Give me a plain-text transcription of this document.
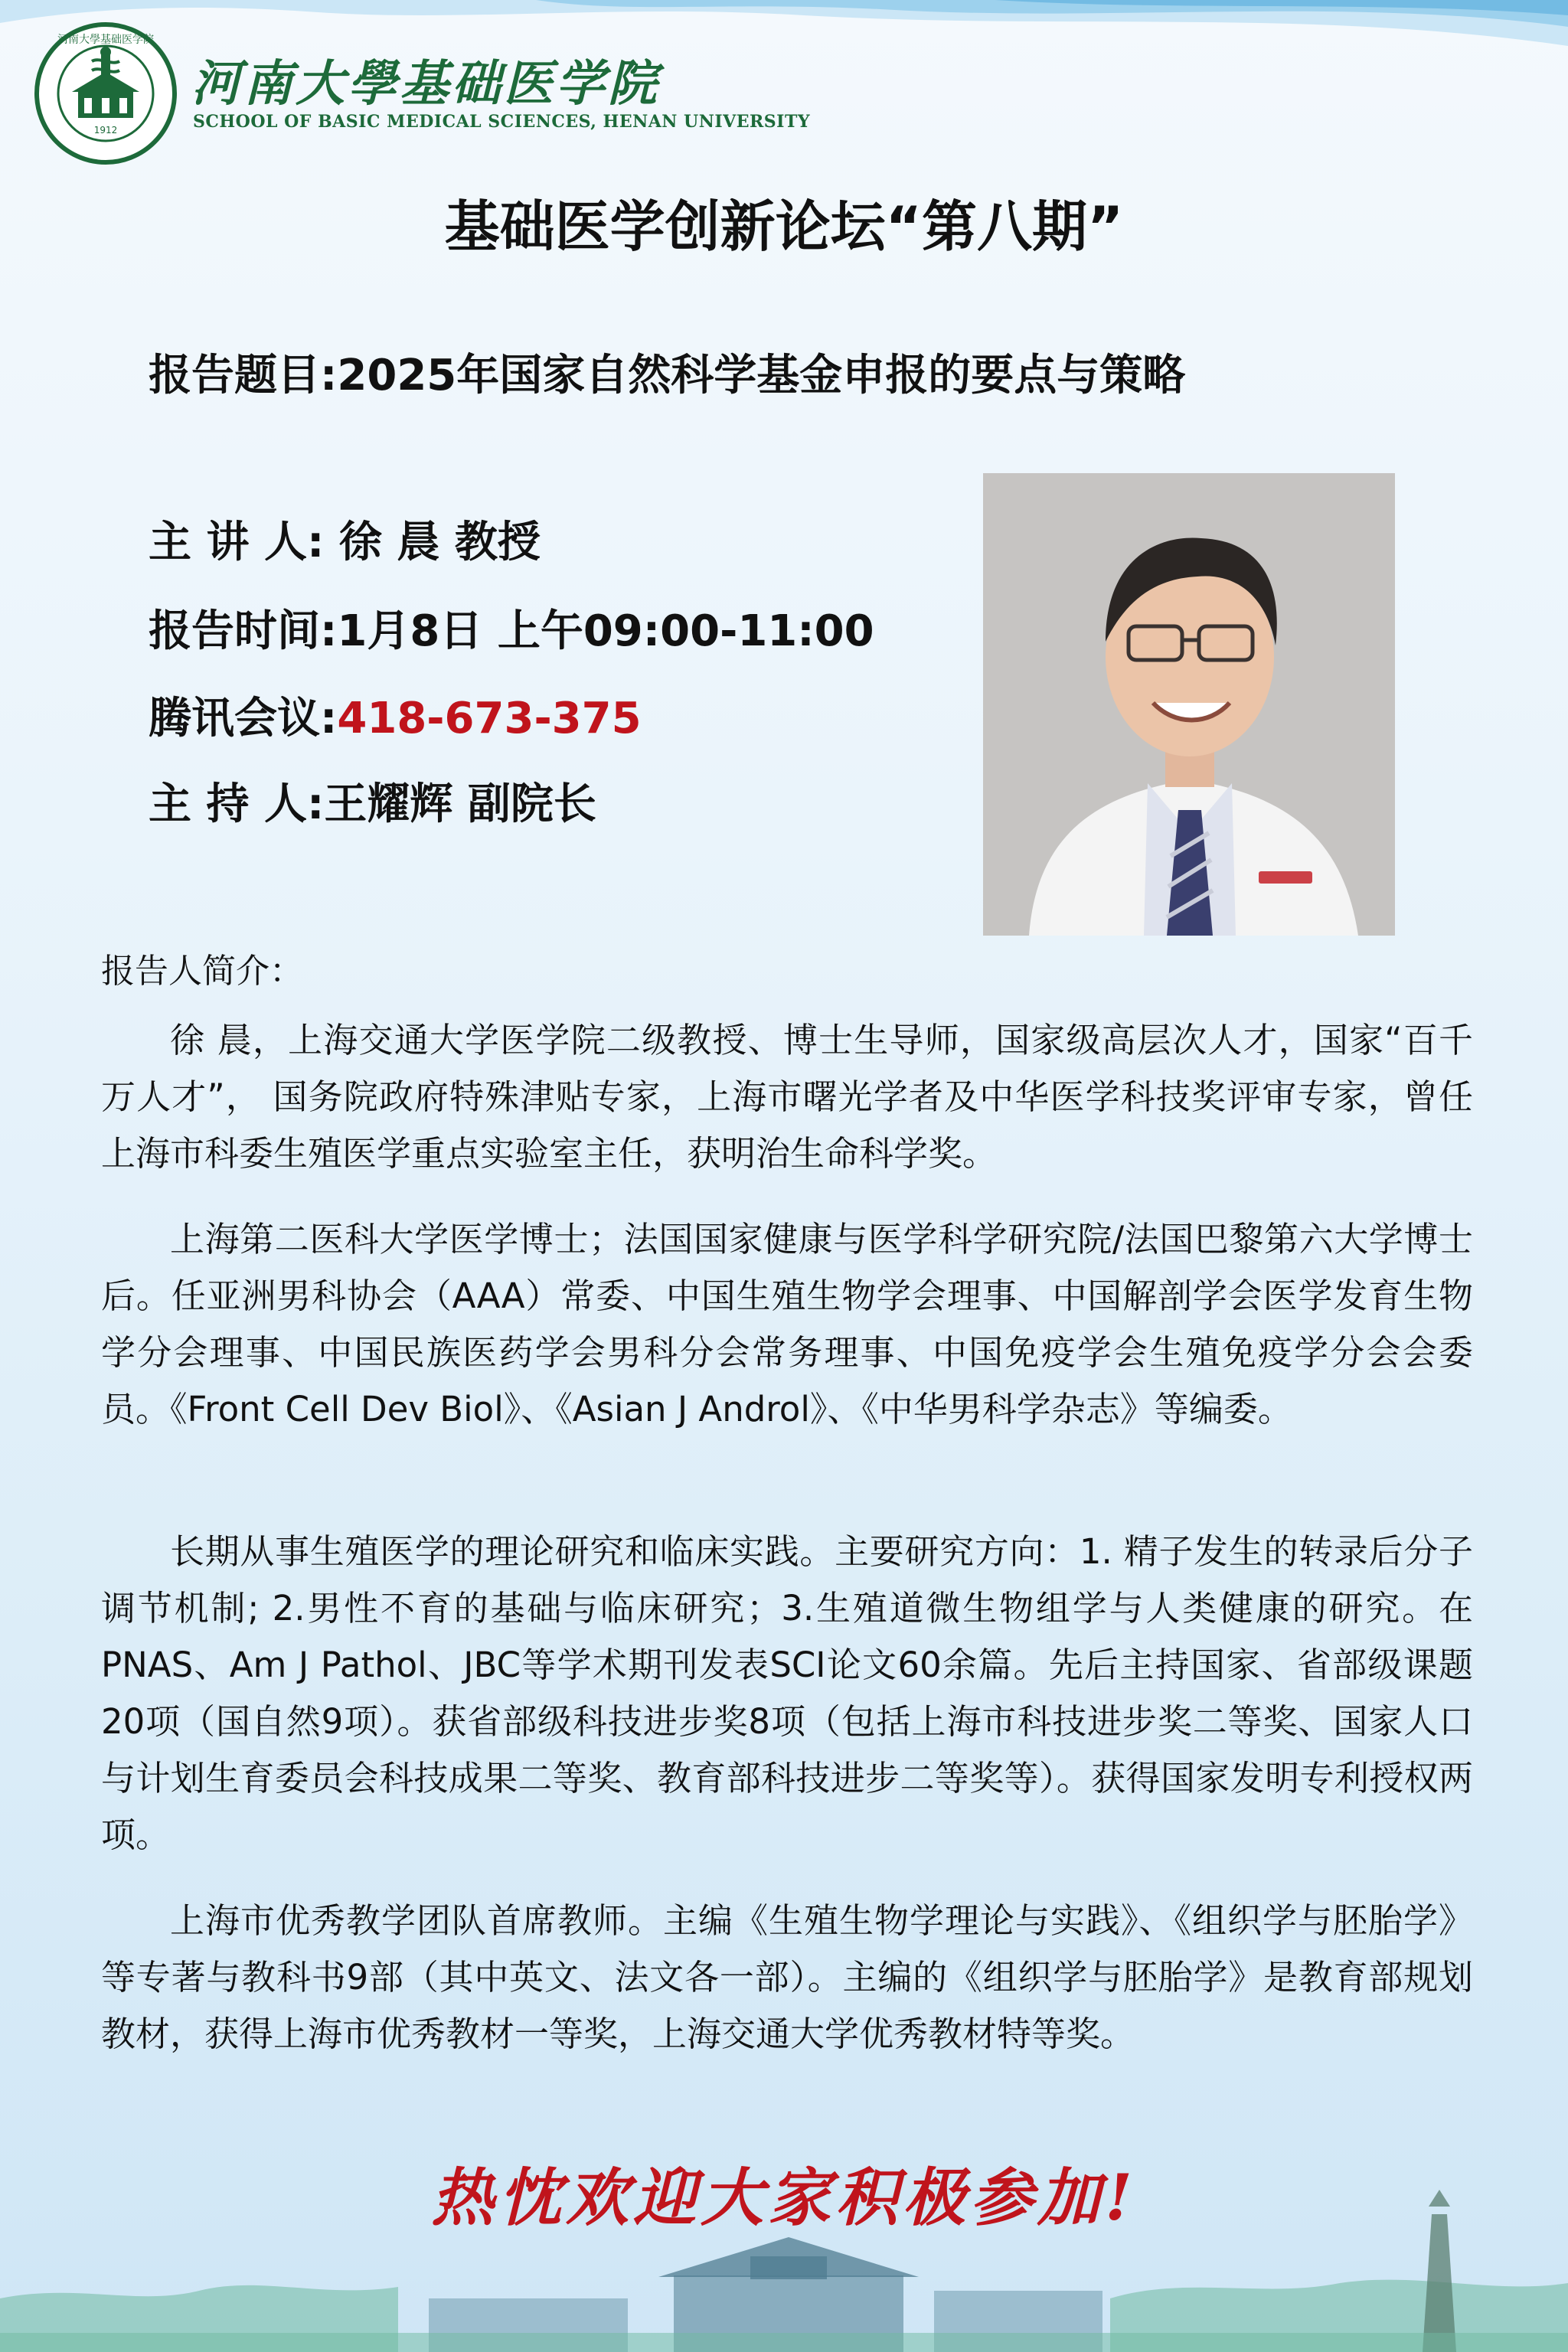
1912
河南大學基础医学院
河南大學基础医学院
SCHOOL OF BASIC MEDICAL SCIENCES, HENAN UNIVERSITY
基础医学创新论坛“第八期”
报告题目:2025年国家自然科学基金申报的要点与策略
主 讲 人: 徐 晨 教授
报告时间:1月8日 上午09:00-11:00
腾讯会议:418-673-375
主 持 人:王耀辉 副院长
报告人简介：

徐 晨，上海交通大学医学院二级教授、博士生导师，国家级高层次人才，国家“百千万人才”， 国务院政府特殊津贴专家，上海市曙光学者及中华医学科技奖评审专家，曾任上海市科委生殖医学重点实验室主任，获明治生命科学奖。

上海第二医科大学医学博士；法国国家健康与医学科学研究院/法国巴黎第六大学博士后。任亚洲男科协会（AAA）常委、中国生殖生物学会理事、中国解剖学会医学发育生物学分会理事、中国民族医药学会男科分会常务理事、中国免疫学会生殖免疫学分会会委员。《Front Cell Dev Biol》、《Asian J Androl》、《中华男科学杂志》等编委。

长期从事生殖医学的理论研究和临床实践。主要研究方向：1. 精子发生的转录后分子调节机制; 2.男性不育的基础与临床研究；3.生殖道微生物组学与人类健康的研究。在PNAS、Am J Pathol、JBC等学术期刊发表SCI论文60余篇。先后主持国家、省部级课题20项（国自然9项）。获省部级科技进步奖8项（包括上海市科技进步奖二等奖、国家人口与计划生育委员会科技成果二等奖、教育部科技进步二等奖等）。获得国家发明专利授权两项。

上海市优秀教学团队首席教师。主编《生殖生物学理论与实践》、《组织学与胚胎学》等专著与教科书9部（其中英文、法文各一部）。主编的《组织学与胚胎学》是教育部规划教材，获得上海市优秀教材一等奖，上海交通大学优秀教材特等奖。

热忱欢迎大家积极参加!
